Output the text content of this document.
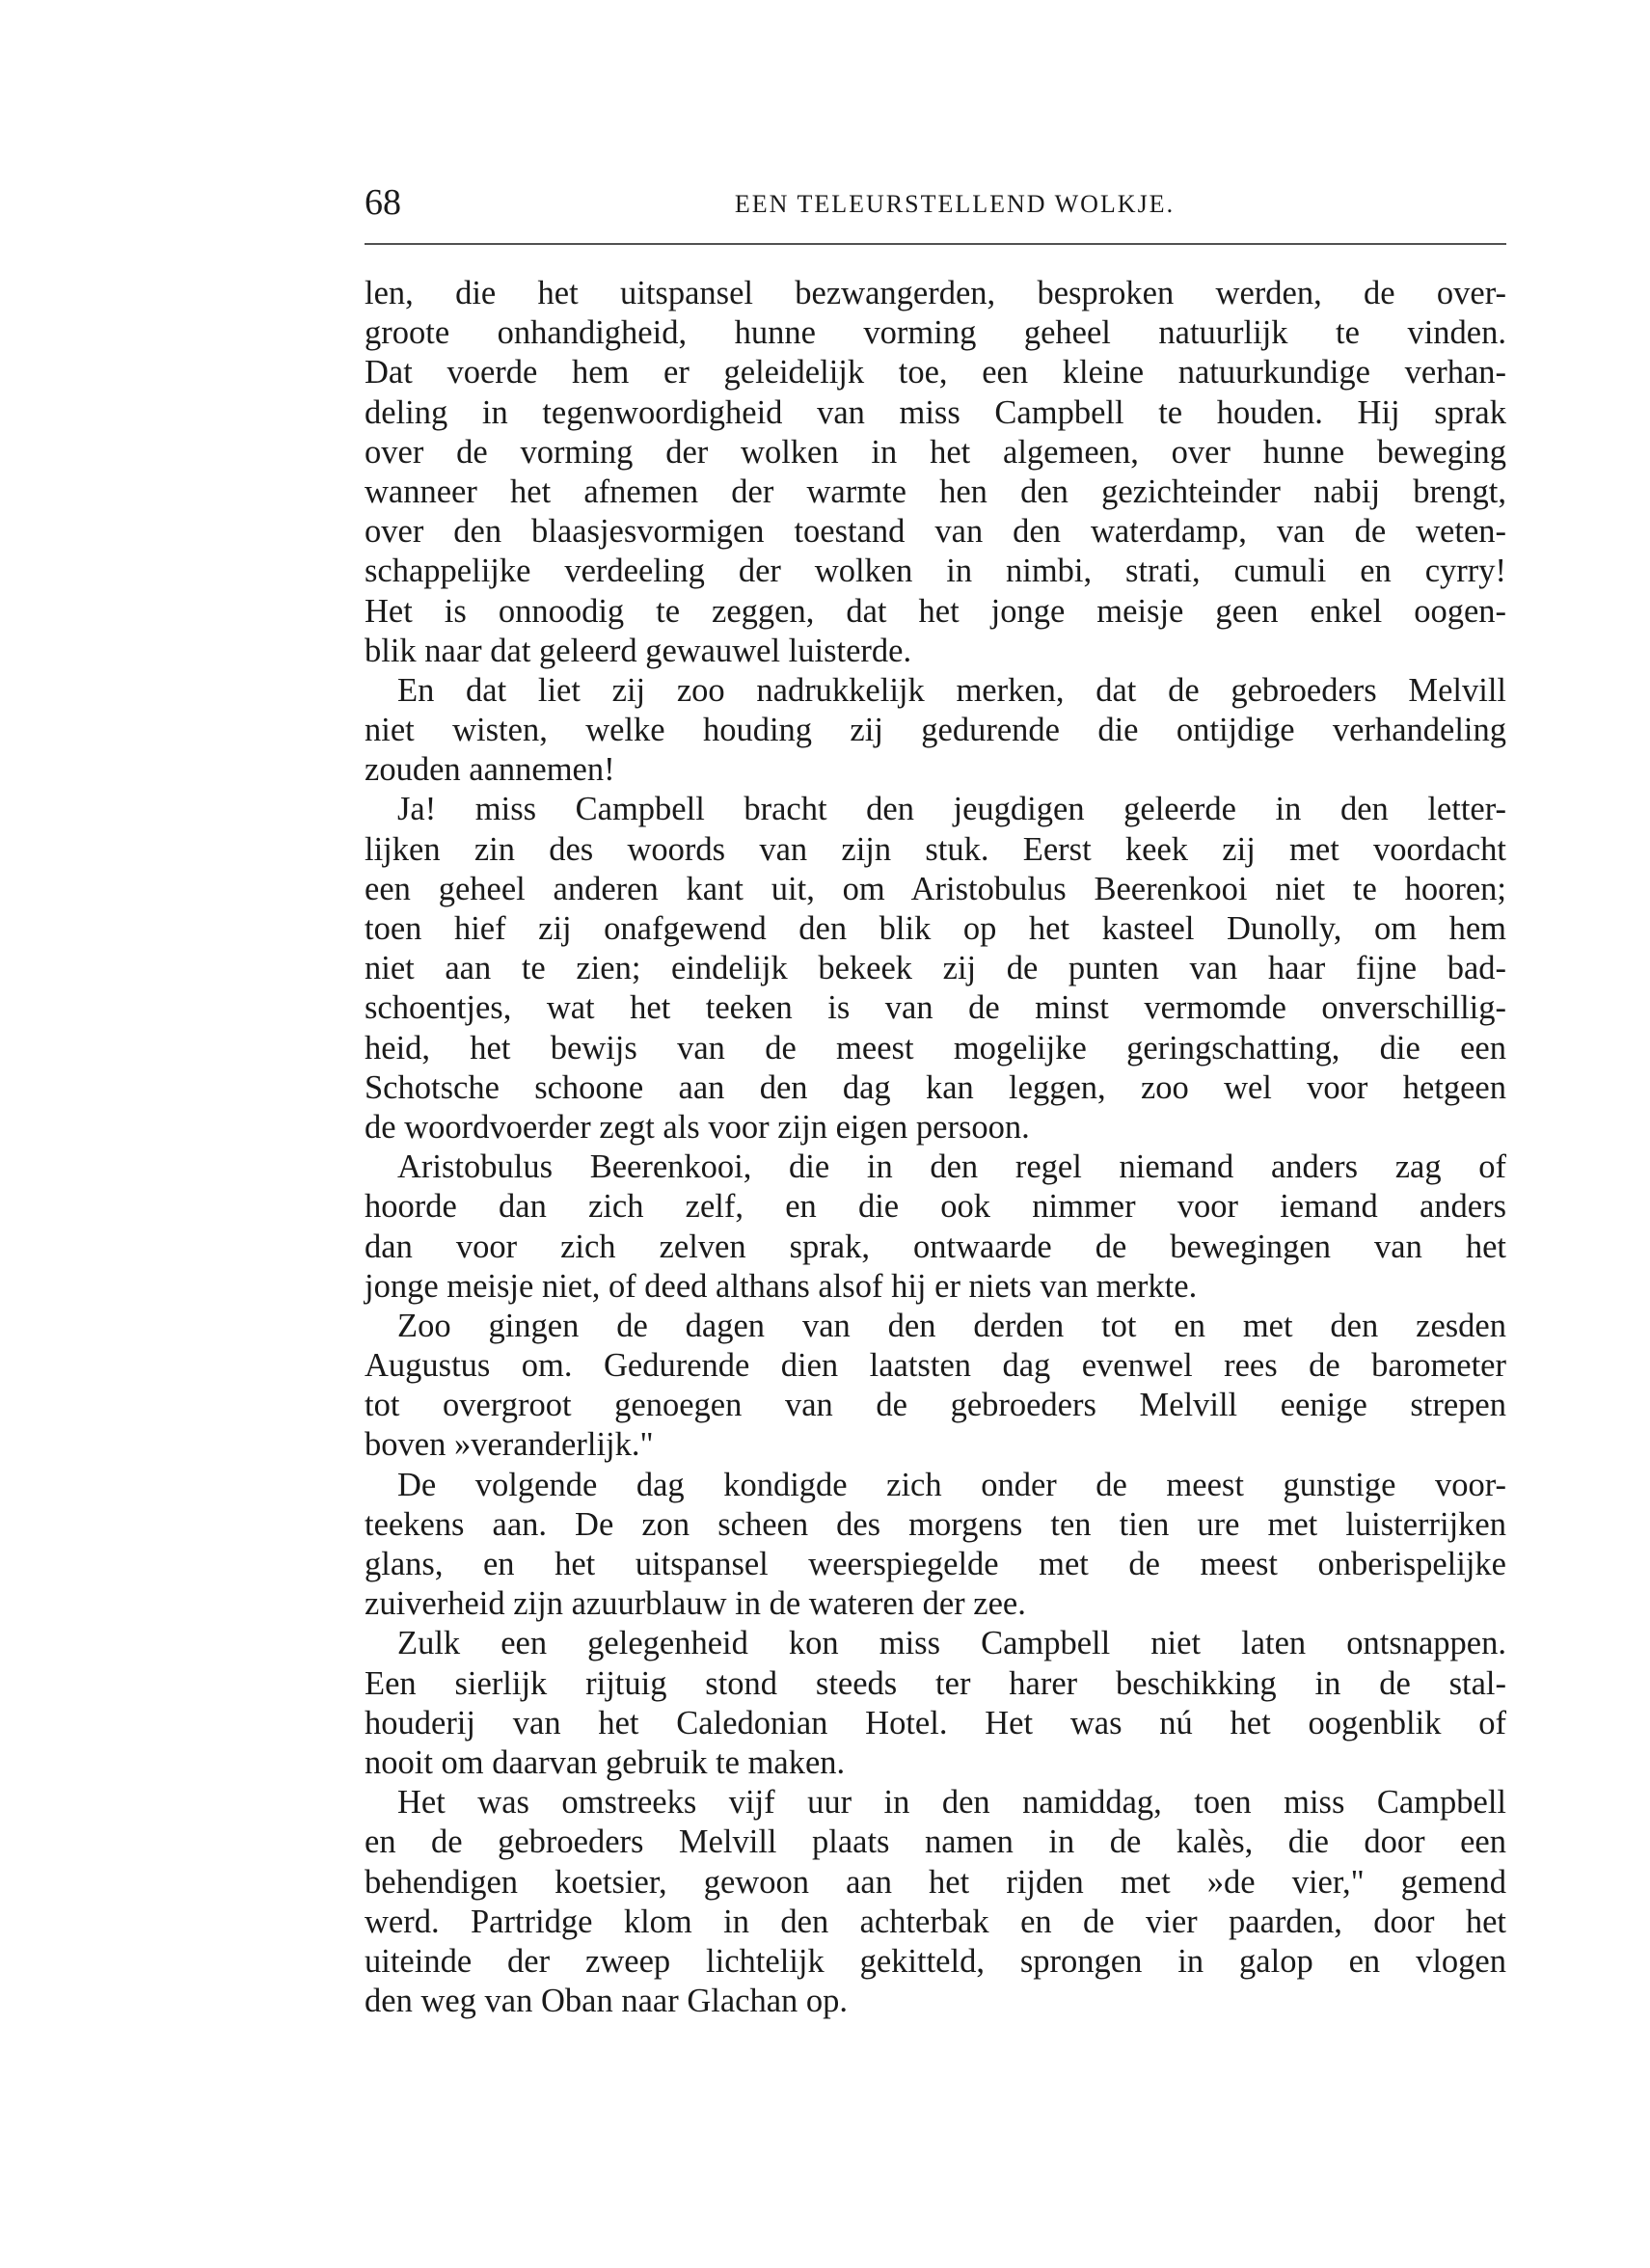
68	EEN TELEURSTELLEND WOLKJE.
len, die het uitspansel bezwangerden, besproken werden, de over-
groote onhandigheid, hunne vorming geheel natuurlijk te vinden.
Dat voerde hem er geleidelijk toe, een kleine natuurkundige verhan-
deling in tegenwoordigheid van miss Campbell te houden. Hij sprak
over de vorming der wolken in het algemeen, over hunne beweging
wanneer het afnemen der warmte hen den gezichteinder nabij brengt,
over den blaasjesvormigen toestand van den waterdamp, van de weten-
schappelijke verdeeling der wolken in nimbi, strati, cumuli en cyrry!
Het is onnoodig te zeggen, dat het jonge meisje geen enkel oogen-
blik naar dat geleerd gewauwel luisterde.
En dat liet zij zoo nadrukkelijk merken, dat de gebroeders Melvill
niet wisten, welke houding zij gedurende die ontijdige verhandeling
zouden aannemen!
Ja! miss Campbell bracht den jeugdigen geleerde in den letter-
lijken zin des woords van zijn stuk. Eerst keek zij met voordacht
een geheel anderen kant uit, om Aristobulus Beerenkooi niet te hooren;
toen hief zij onafgewend den blik op het kasteel Dunolly, om hem
niet aan te zien; eindelijk bekeek zij de punten van haar fijne bad-
schoentjes, wat het teeken is van de minst vermomde onverschillig-
heid, het bewijs van de meest mogelijke geringschatting, die een
Schotsche schoone aan den dag kan leggen, zoo wel voor hetgeen
de woordvoerder zegt als voor zijn eigen persoon.
Aristobulus Beerenkooi, die in den regel niemand anders zag of
hoorde dan zich zelf, en die ook nimmer voor iemand anders
dan voor zich zelven sprak, ontwaarde de bewegingen van het
jonge meisje niet, of deed althans alsof hij er niets van merkte.
Zoo gingen de dagen van den derden tot en met den zesden
Augustus om. Gedurende dien laatsten dag evenwel rees de barometer
tot overgroot genoegen van de gebroeders Melvill eenige strepen
boven »veranderlijk."
De volgende dag kondigde zich onder de meest gunstige voor-
teekens aan. De zon scheen des morgens ten tien ure met luisterrijken
glans, en het uitspansel weerspiegelde met de meest onberispelijke
zuiverheid zijn azuurblauw in de wateren der zee.
Zulk een gelegenheid kon miss Campbell niet laten ontsnappen.
Een sierlijk rijtuig stond steeds ter harer beschikking in de stal-
houderij van het Caledonian Hotel. Het was nú het oogenblik of
nooit om daarvan gebruik te maken.
Het was omstreeks vijf uur in den namiddag, toen miss Campbell
en de gebroeders Melvill plaats namen in de kalès, die door een
behendigen koetsier, gewoon aan het rijden met »de vier," gemend
werd. Partridge klom in den achterbak en de vier paarden, door het
uiteinde der zweep lichtelijk gekitteld, sprongen in galop en vlogen
den weg van Oban naar Glachan op.
